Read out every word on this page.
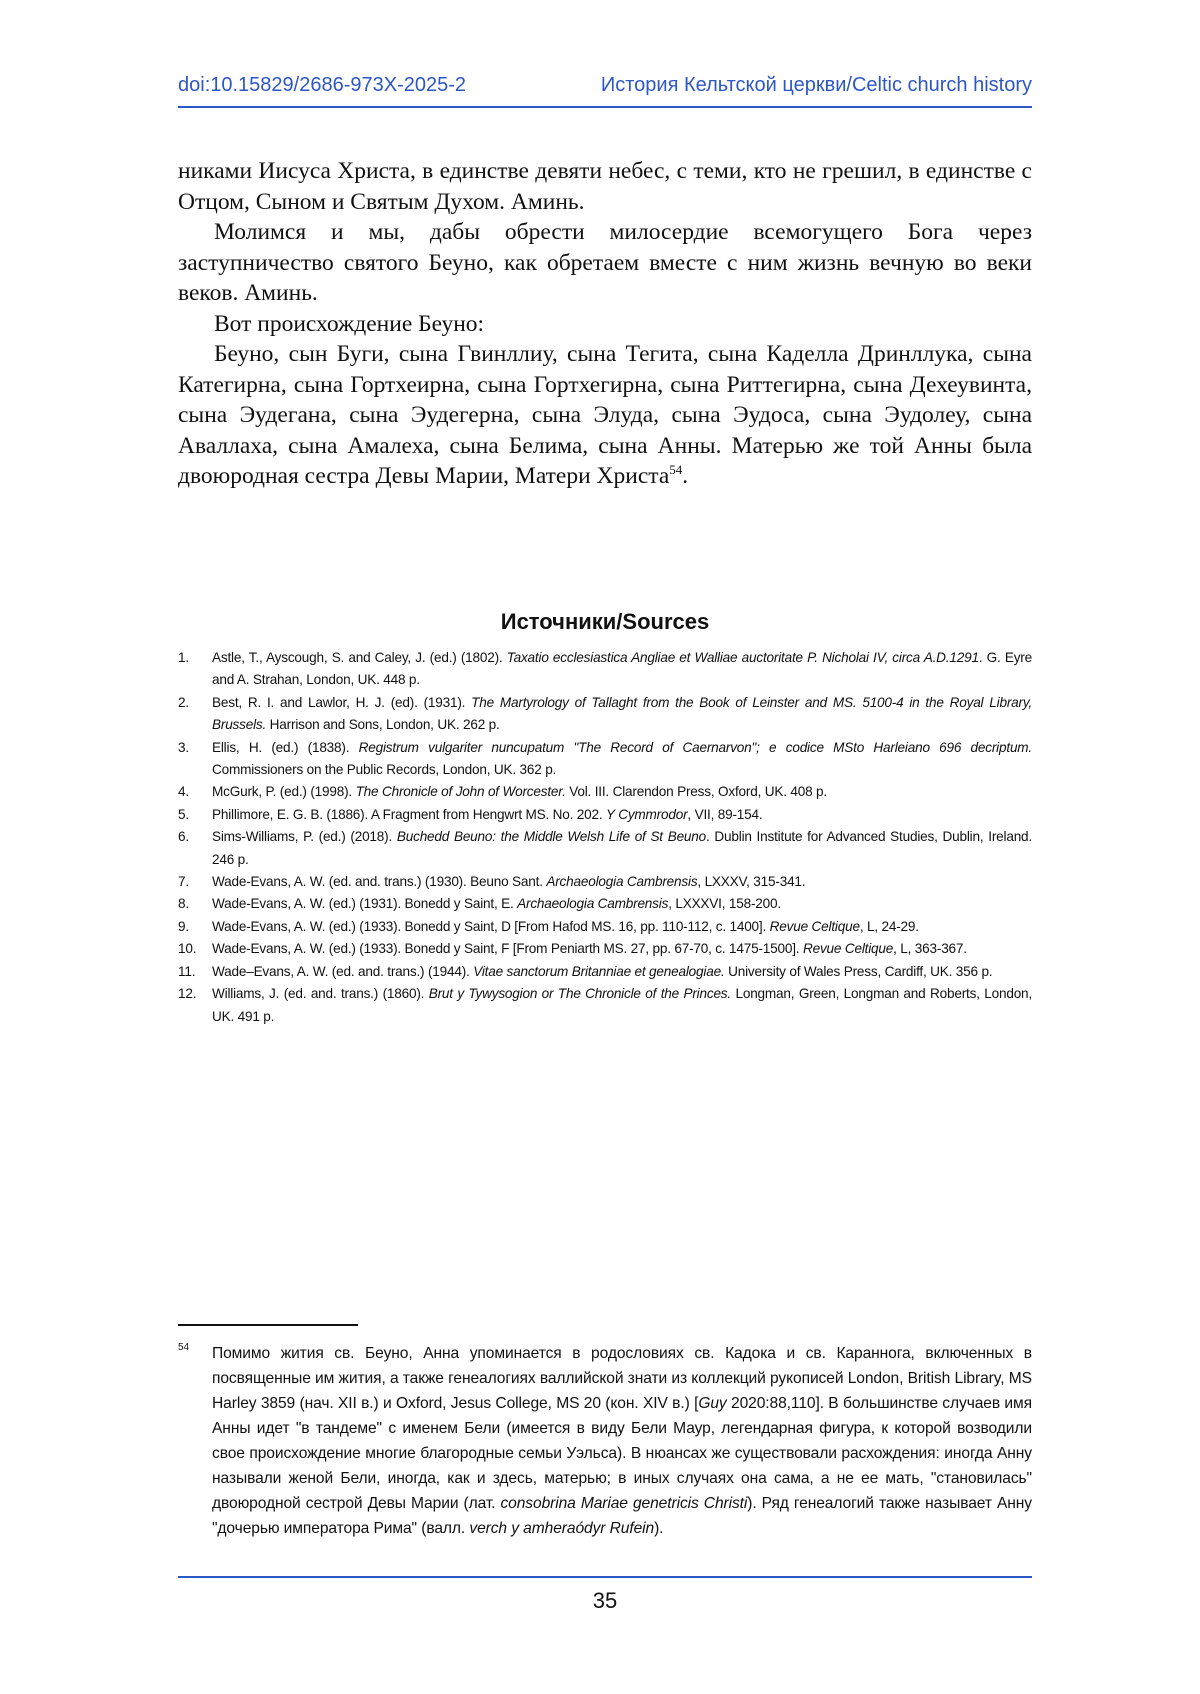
doi:10.15829/2686-973X-2025-2	История Кельтской церкви/Celtic church history

никами Иисуса Христа, в единстве девяти небес, с теми, кто не грешил, в единстве с Отцом, Сыном и Святым Духом. Аминь.

Молимся и мы, дабы обрести милосердие всемогущего Бога через заступничество святого Беуно, как обретаем вместе с ним жизнь вечную во веки веков. Аминь.

Вот происхождение Беуно:

Беуно, сын Буги, сына Гвинллиу, сына Тегита, сына Каделла Дринллука, сына Категирна, сына Гортхеирна, сына Гортхегирна, сына Риттегирна, сына Дехеувинта, сына Эудегана, сына Эудегерна, сына Элуда, сына Эудоса, сына Эудолеу, сына Аваллаха, сына Амалеха, сына Белима, сына Анны. Матерью же той Анны была двоюродная сестра Девы Марии, Матери Христа$^{54}$.

Источники/Sources
1.	Astle, T., Ayscough, S. and Caley, J. (ed.) (1802). Taxatio ecclesiastica Angliae et Walliae auctoritate P. Nicholai IV, circa A.D.1291. G. Eyre and A. Strahan, London, UK. 448 p.
2.	Best, R. I. and Lawlor, H. J. (ed). (1931). The Martyrology of Tallaght from the Book of Leinster and MS. 5100-4 in the Royal Library, Brussels. Harrison and Sons, London, UK. 262 p.
3.	Ellis, H. (ed.) (1838). Registrum vulgariter nuncupatum "The Record of Caernarvon"; e codice MSto Harleiano 696 decriptum. Commissioners on the Public Records, London, UK. 362 p.
4.	McGurk, P. (ed.) (1998). The Chronicle of John of Worcester. Vol. III. Clarendon Press, Oxford, UK. 408 p.
5.	Phillimore, E. G. B. (1886). A Fragment from Hengwrt MS. No. 202. Y Cymmrodor, VII, 89-154.
6.	Sims-Williams, P. (ed.) (2018). Buchedd Beuno: the Middle Welsh Life of St Beuno. Dublin Institute for Advanced Studies, Dublin, Ireland. 246 p.
7.	Wade-Evans, A. W. (ed. and. trans.) (1930). Beuno Sant. Archaeologia Cambrensis, LXXXV, 315-341.
8.	Wade-Evans, A. W. (ed.) (1931). Bonedd y Saint, E. Archaeologia Cambrensis, LXXXVI, 158-200.
9.	Wade-Evans, A. W. (ed.) (1933). Bonedd y Saint, D [From Hafod MS. 16, pp. 110-112, c. 1400]. Revue Celtique, L, 24-29.
10.	Wade-Evans, A. W. (ed.) (1933). Bonedd y Saint, F [From Peniarth MS. 27, pp. 67-70, c. 1475-1500]. Revue Celtique, L, 363-367.
11.	Wade–Evans, A. W. (ed. and. trans.) (1944). Vitae sanctorum Britanniae et genealogiae. University of Wales Press, Cardiff, UK. 356 p.
12.	Williams, J. (ed. and. trans.) (1860). Brut y Tywysogion or The Chronicle of the Princes. Longman, Green, Longman and Roberts, London, UK. 491 p.
54	Помимо жития св. Беуно, Анна упоминается в родословиях св. Кадока и св. Караннога, включенных в посвященные им жития, а также генеалогиях валлийской знати из коллекций рукописей London, British Library, MS Harley 3859 (нач. XII в.) и Oxford, Jesus College, MS 20 (кон. XIV в.) [Guy 2020:88,110]. В большинстве случаев имя Анны идет "в тандеме" с именем Бели (имеется в виду Бели Маур, легендарная фигура, к которой возводили свое происхождение многие благородные семьи Уэльса). В нюансах же существовали расхождения: иногда Анну называли женой Бели, иногда, как и здесь, матерью; в иных случаях она сама, а не ее мать, "становилась" двоюродной сестрой Девы Марии (лат. consobrina Mariae genetricis Christi). Ряд генеалогий также называет Анну "дочерью императора Рима" (валл. verch y amherаódyr Rufein).
35
